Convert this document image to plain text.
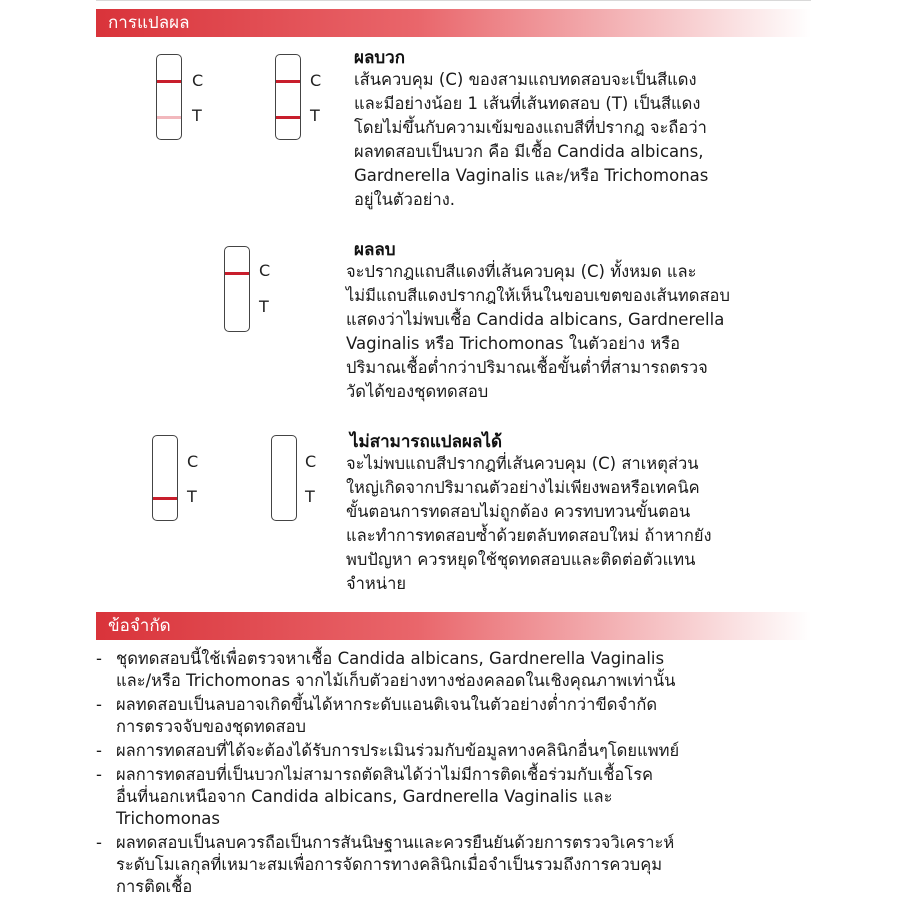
การแปลผล
C
T
C
T
ผลบวก
เส้นควบคุม (C) ของสามแถบทดสอบจะเป็นสีแดง
และมีอย่างน้อย 1 เส้นที่เส้นทดสอบ (T) เป็นสีแดง
โดยไม่ขึ้นกับความเข้มของแถบสีที่ปรากฎ จะถือว่า
ผลทดสอบเป็นบวก คือ มีเชื้อ Candida albicans,
Gardnerella Vaginalis และ/หรือ Trichomonas
อยู่ในตัวอย่าง.
C
T
ผลลบ
จะปรากฎแถบสีแดงที่เส้นควบคุม (C) ทั้งหมด และ
ไม่มีแถบสีแดงปรากฎให้เห็นในขอบเขตของเส้นทดสอบ
แสดงว่าไม่พบเชื้อ Candida albicans, Gardnerella
Vaginalis หรือ Trichomonas ในตัวอย่าง หรือ
ปริมาณเชื้อต่ำกว่าปริมาณเชื้อขั้นต่ำที่สามารถตรวจ
วัดได้ของชุดทดสอบ
C
T
C
T
ไม่สามารถแปลผลได้
จะไม่พบแถบสีปรากฎที่เส้นควบคุม (C) สาเหตุส่วน
ใหญ่เกิดจากปริมาณตัวอย่างไม่เพียงพอหรือเทคนิค
ขั้นตอนการทดสอบไม่ถูกต้อง ควรทบทวนขั้นตอน
และทำการทดสอบซ้ำด้วยตลับทดสอบใหม่ ถ้าหากยัง
พบปัญหา ควรหยุดใช้ชุดทดสอบและติดต่อตัวแทน
จำหน่าย
ข้อจำกัด
- ชุดทดสอบนี้ใช้เพื่อตรวจหาเชื้อ Candida albicans, Gardnerella Vaginalis
และ/หรือ Trichomonas จากไม้เก็บตัวอย่างทางช่องคลอดในเชิงคุณภาพเท่านั้น
- ผลทดสอบเป็นลบอาจเกิดขึ้นได้หากระดับแอนติเจนในตัวอย่างต่ำกว่าขีดจำกัด
การตรวจจับของชุดทดสอบ
- ผลการทดสอบที่ได้จะต้องได้รับการประเมินร่วมกับข้อมูลทางคลินิกอื่นๆโดยแพทย์
- ผลการทดสอบที่เป็นบวกไม่สามารถตัดสินได้ว่าไม่มีการติดเชื้อร่วมกับเชื้อโรค
อื่นที่นอกเหนือจาก Candida albicans, Gardnerella Vaginalis และ
Trichomonas
- ผลทดสอบเป็นลบควรถือเป็นการสันนิษฐานและควรยืนยันด้วยการตรวจวิเคราะห์
ระดับโมเลกุลที่เหมาะสมเพื่อการจัดการทางคลินิกเมื่อจำเป็นรวมถึงการควบคุม
การติดเชื้อ
